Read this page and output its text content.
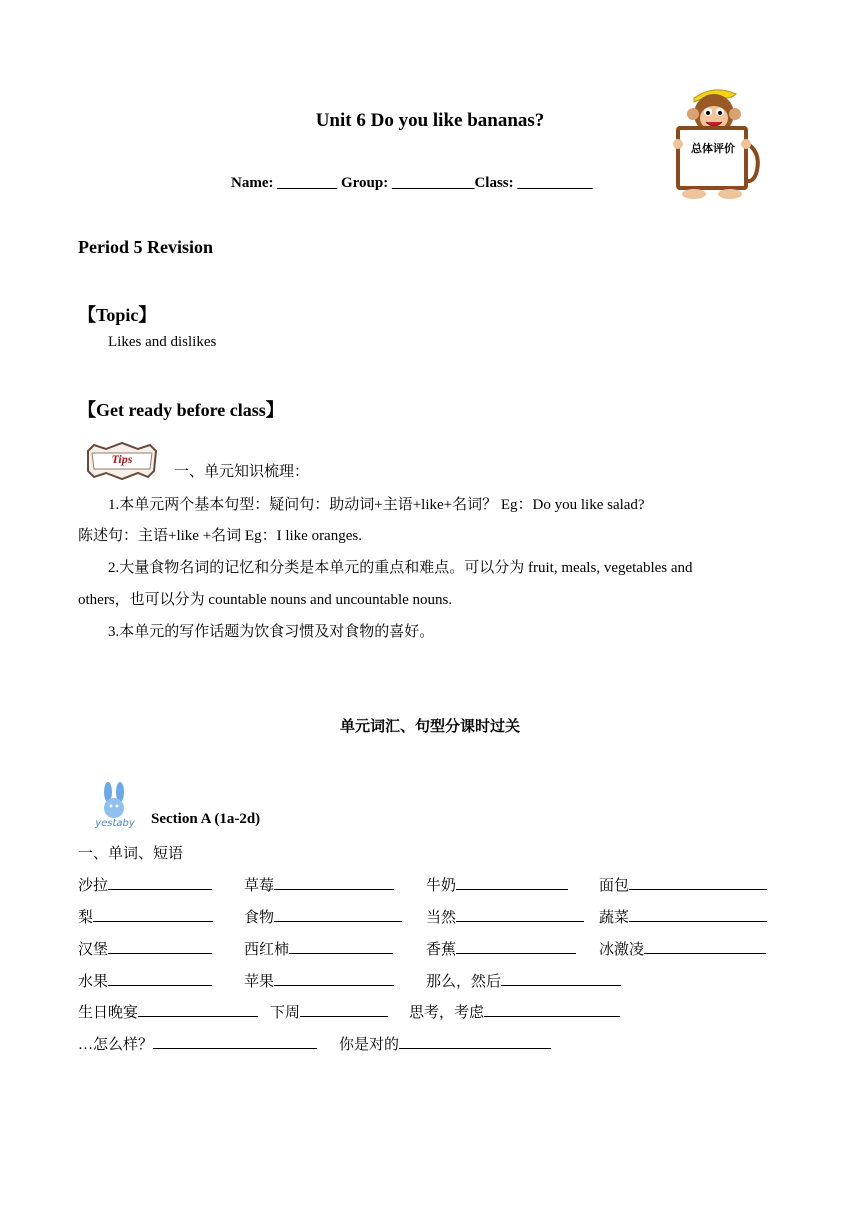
Unit 6 Do you like bananas?
Name: ________ Group: ___________Class: __________
总体评价
Period 5 Revision
【Topic】
Likes and dislikes
【Get ready before class】
Tips
一、单元知识梳理：
1.本单元两个基本句型：疑问句：助动词+主语+like+名词？ Eg：Do you like salad?
陈述句：主语+like +名词 Eg：I like oranges.
2.大量食物名词的记忆和分类是本单元的重点和难点。可以分为 fruit, meals, vegetables and
others，也可以分为 countable nouns and uncountable nouns.
3.本单元的写作话题为饮食习惯及对食物的喜好。
单元词汇、句型分课时过关
yestaby	Section A (1a-2d)
一、单词、短语
沙拉	草莓	牛奶	面包
梨	食物	当然	蔬菜
汉堡	西红柿	香蕉	冰激凌
水果	苹果	那么，然后
生日晚宴	下周	思考，考虑
…怎么样？	你是对的
